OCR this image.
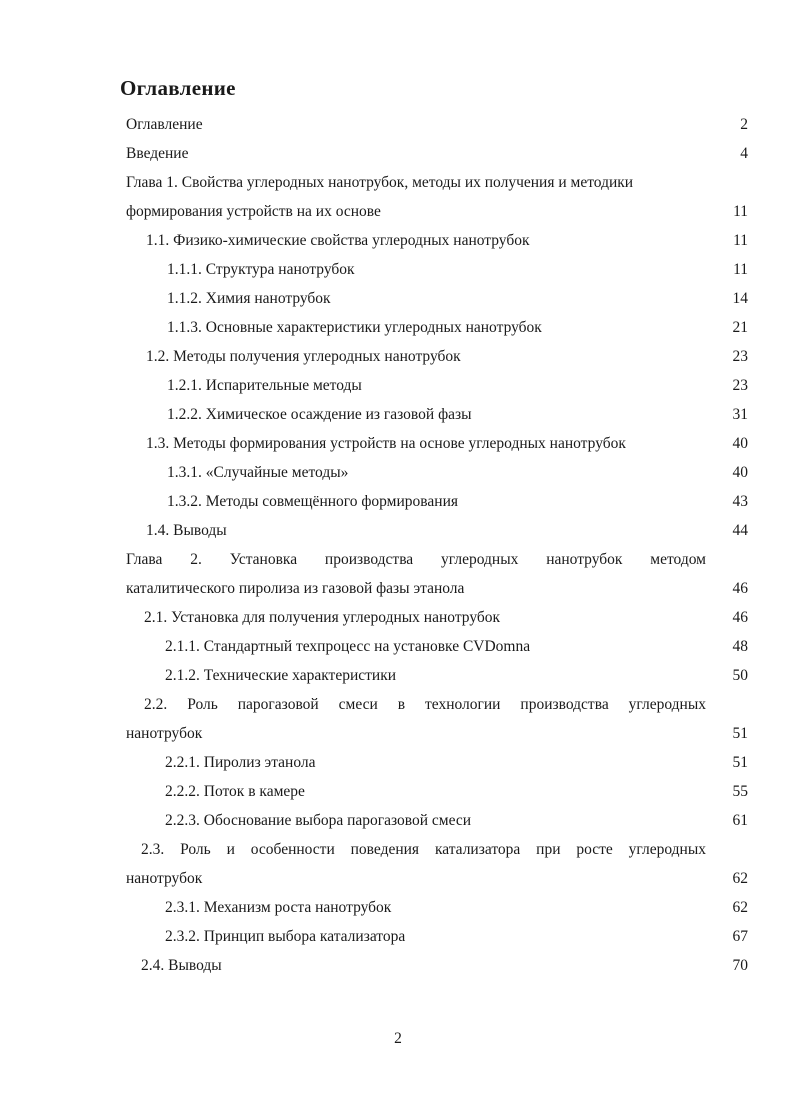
Оглавление
Оглавление	2
Введение	4
Глава 1. Свойства углеродных нанотрубок, методы их получения и методики
формирования устройств на их основе	11
1.1. Физико-химические свойства углеродных нанотрубок	11
1.1.1. Структура нанотрубок	11
1.1.2. Химия нанотрубок	14
1.1.3. Основные характеристики углеродных нанотрубок	21
1.2. Методы получения углеродных нанотрубок	23
1.2.1. Испарительные методы	23
1.2.2. Химическое осаждение из газовой фазы	31
1.3. Методы формирования устройств на основе углеродных нанотрубок	40
1.3.1. «Случайные методы»	40
1.3.2. Методы совмещённого формирования	43
1.4. Выводы	44
Глава 2. Установка производства углеродных нанотрубок методом
каталитического пиролиза из газовой фазы этанола	46
2.1. Установка для получения углеродных нанотрубок	46
2.1.1. Стандартный техпроцесс на установке CVDomna	48
2.1.2. Технические характеристики	50
2.2. Роль парогазовой смеси в технологии производства углеродных
нанотрубок	51
2.2.1. Пиролиз этанола	51
2.2.2. Поток в камере	55
2.2.3. Обоснование выбора парогазовой смеси	61
2.3. Роль и особенности поведения катализатора при росте углеродных
нанотрубок	62
2.3.1. Механизм роста нанотрубок	62
2.3.2. Принцип выбора катализатора	67
2.4. Выводы	70
2
